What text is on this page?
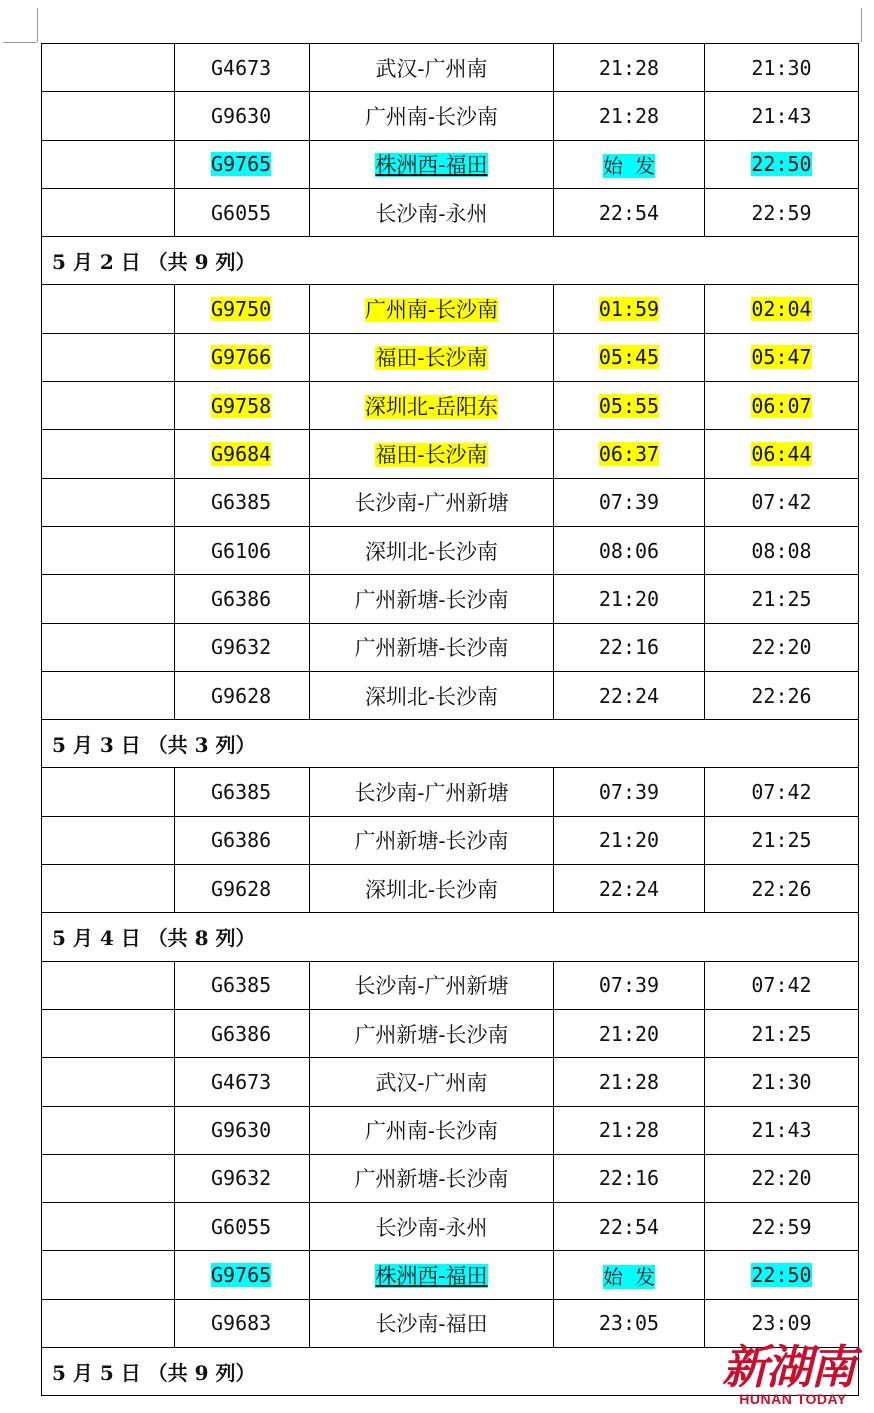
	G4673	武汉-广州南	21:28	21:30
	G9630	广州南-长沙南	21:28	21:43
	G9765	株洲西-福田	始 发	22:50
	G6055	长沙南-永州	22:54	22:59
5 月 2 日 （共 9 列）				
	G9750	广州南-长沙南	01:59	02:04
	G9766	福田-长沙南	05:45	05:47
	G9758	深圳北-岳阳东	05:55	06:07
	G9684	福田-长沙南	06:37	06:44
	G6385	长沙南-广州新塘	07:39	07:42
	G6106	深圳北-长沙南	08:06	08:08
	G6386	广州新塘-长沙南	21:20	21:25
	G9632	广州新塘-长沙南	22:16	22:20
	G9628	深圳北-长沙南	22:24	22:26
5 月 3 日 （共 3 列）				
	G6385	长沙南-广州新塘	07:39	07:42
	G6386	广州新塘-长沙南	21:20	21:25
	G9628	深圳北-长沙南	22:24	22:26
5 月 4 日 （共 8 列）				
	G6385	长沙南-广州新塘	07:39	07:42
	G6386	广州新塘-长沙南	21:20	21:25
	G4673	武汉-广州南	21:28	21:30
	G9630	广州南-长沙南	21:28	21:43
	G9632	广州新塘-长沙南	22:16	22:20
	G6055	长沙南-永州	22:54	22:59
	G9765	株洲西-福田	始 发	22:50
	G9683	长沙南-福田	23:05	23:09
5 月 5 日 （共 9 列）					新湖南
HUNAN TODAY
